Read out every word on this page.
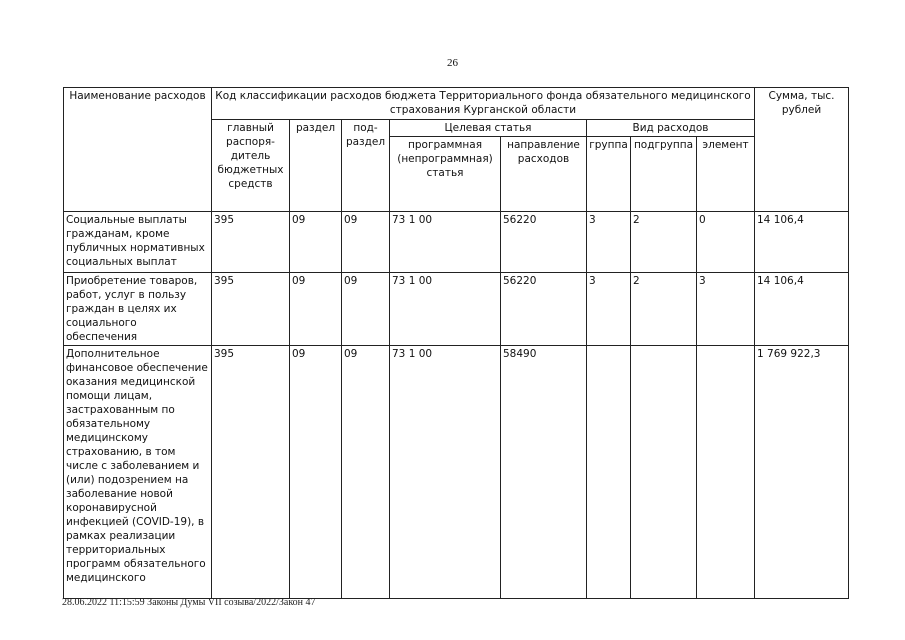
26
Наименование расходов	Код классификации расходов бюджета Территориального фонда обязательного медицинского страхования Курганской области								Сумма, тыс. рублей
	главный распоря-дитель бюджетных средств	раздел	под-раздел	Целевая статья		Вид расходов			
				программная (непрограммная) статья	направление расходов	группа	подгруппа	элемент	
Социальные выплаты гражданам, кроме публичных нормативных социальных выплат	395	09	09	73 1 00	56220	3	2	0	14 106,4
Приобретение товаров, работ, услуг в пользу граждан в целях их социального обеспечения	395	09	09	73 1 00	56220	3	2	3	14 106,4
Дополнительное финансовое обеспечение оказания медицинской помощи лицам, застрахованным по обязательному медицинскому страхованию, в том числе с заболеванием и (или) подозрением на заболевание новой коронавирусной инфекцией (COVID-19), в рамках реализации территориальных программ обязательного медицинского	395	09	09	73 1 00	58490				1 769 922,3
28.06.2022 11:15:59 Законы Думы VII созыва/2022/Закон 47
